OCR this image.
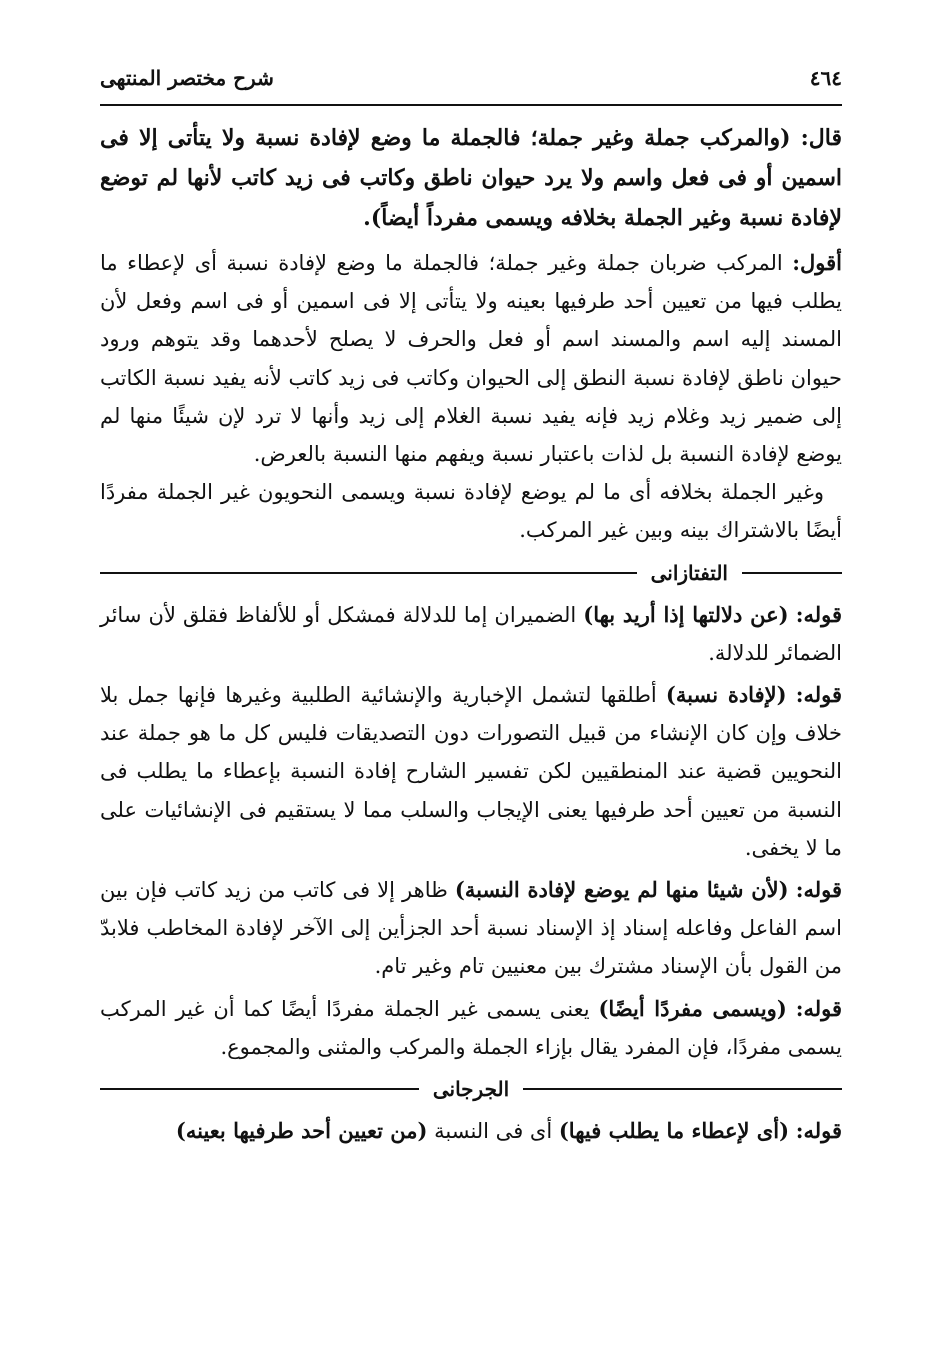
٤٦٤
شرح مختصر المنتهى

قال: (والمركب جملة وغير جملة؛ فالجملة ما وضع لإفادة نسبة ولا يتأتى إلا فى اسمين أو فى فعل واسم ولا يرد حيوان ناطق وكاتب فى زيد كاتب لأنها لم توضع لإفادة نسبة وغير الجملة بخلافه ويسمى مفرداً أيضاً).

أقول: المركب ضربان جملة وغير جملة؛ فالجملة ما وضع لإفادة نسبة أى لإعطاء ما يطلب فيها من تعيين أحد طرفيها بعينه ولا يتأتى إلا فى اسمين أو فى اسم وفعل لأن المسند إليه اسم والمسند اسم أو فعل والحرف لا يصلح لأحدهما وقد يتوهم ورود حيوان ناطق لإفادة نسبة النطق إلى الحيوان وكاتب فى زيد كاتب لأنه يفيد نسبة الكاتب إلى ضمير زيد وغلام زيد فإنه يفيد نسبة الغلام إلى زيد وأنها لا ترد لإن شيئًا منها لم يوضع لإفادة النسبة بل لذات باعتبار نسبة ويفهم منها النسبة بالعرض.

وغير الجملة بخلافه أى ما لم يوضع لإفادة نسبة ويسمى النحويون غير الجملة مفردًا أيضًا بالاشتراك بينه وبين غير المركب.

التفتازانى

قوله: (عن دلالتها إذا أريد بها) الضميران إما للدلالة فمشكل أو للألفاظ فقلق لأن سائر الضمائر للدلالة.

قوله: (لإفادة نسبة) أطلقها لتشمل الإخبارية والإنشائية الطلبية وغيرها فإنها جمل بلا خلاف وإن كان الإنشاء من قبيل التصورات دون التصديقات فليس كل ما هو جملة عند النحويين قضية عند المنطقيين لكن تفسير الشارح إفادة النسبة بإعطاء ما يطلب فى النسبة من تعيين أحد طرفيها يعنى الإيجاب والسلب مما لا يستقيم فى الإنشائيات على ما لا يخفى.

قوله: (لأن شيئا منها لم يوضع لإفادة النسبة) ظاهر إلا فى كاتب من زيد كاتب فإن بين اسم الفاعل وفاعله إسناد إذ الإسناد نسبة أحد الجزأين إلى الآخر لإفادة المخاطب فلابدّ من القول بأن الإسناد مشترك بين معنيين تام وغير تام.

قوله: (ويسمى مفردًا أيضًا) يعنى يسمى غير الجملة مفردًا أيضًا كما أن غير المركب يسمى مفردًا، فإن المفرد يقال بإزاء الجملة والمركب والمثنى والمجموع.

الجرجانى

قوله: (أى لإعطاء ما يطلب فيها) أى فى النسبة (من تعيين أحد طرفيها بعينه)
